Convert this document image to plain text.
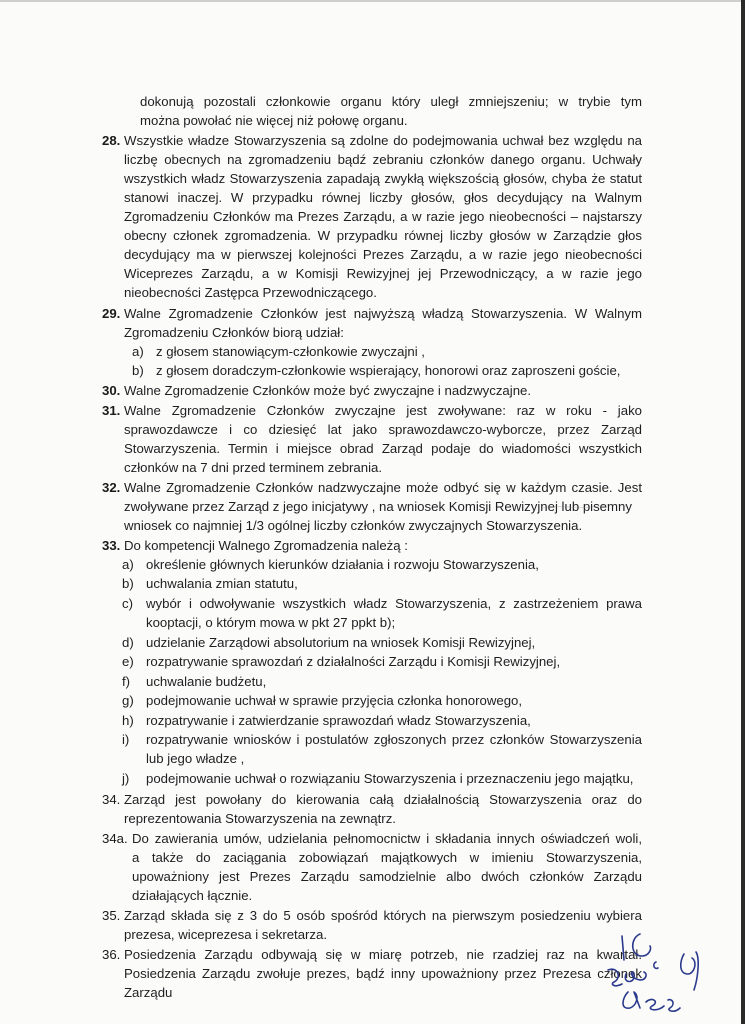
dokonują pozostali członkowie organu który uległ zmniejszeniu; w trybie tym
można powołać nie więcej niż połowę organu.
28. Wszystkie władze Stowarzyszenia są zdolne do podejmowania uchwał bez względu na
liczbę obecnych na zgromadzeniu bądź zebraniu członków danego organu. Uchwały
wszystkich władz Stowarzyszenia zapadają zwykłą większością głosów, chyba że statut
stanowi inaczej. W przypadku równej liczby głosów, głos decydujący na Walnym
Zgromadzeniu Członków ma Prezes Zarządu, a w razie jego nieobecności – najstarszy
obecny członek zgromadzenia. W przypadku równej liczby głosów w Zarządzie głos
decydujący ma w pierwszej kolejności Prezes Zarządu, a w razie jego nieobecności
Wiceprezes Zarządu, a w Komisji Rewizyjnej jej Przewodniczący, a w razie jego
nieobecności Zastępca Przewodniczącego.
29. Walne Zgromadzenie Członków jest najwyższą władzą Stowarzyszenia. W Walnym
Zgromadzeniu Członków biorą udział:
a) z głosem stanowiącym-członkowie zwyczajni ,
b) z głosem doradczym-członkowie wspierający, honorowi oraz zaproszeni goście,
30. Walne Zgromadzenie Członków może być zwyczajne i nadzwyczajne.
31. Walne Zgromadzenie Członków zwyczajne jest zwoływane: raz w roku - jako
sprawozdawcze i co dziesięć lat jako sprawozdawczo-wyborcze, przez Zarząd
Stowarzyszenia. Termin i miejsce obrad Zarząd podaje do wiadomości wszystkich
członków na 7 dni przed terminem zebrania.
32. Walne Zgromadzenie Członków nadzwyczajne może odbyć się w każdym czasie. Jest
zwoływane przez Zarząd z jego inicjatywy , na wniosek Komisji Rewizyjnej lub pisemny
wniosek co najmniej 1/3 ogólnej liczby członków zwyczajnych Stowarzyszenia.
33. Do kompetencji Walnego Zgromadzenia należą :
a) określenie głównych kierunków działania i rozwoju Stowarzyszenia,
b) uchwalania zmian statutu,
c) wybór i odwoływanie wszystkich władz Stowarzyszenia, z zastrzeżeniem prawa
kooptacji, o którym mowa w pkt 27 ppkt b);
d) udzielanie Zarządowi absolutorium na wniosek Komisji Rewizyjnej,
e) rozpatrywanie sprawozdań z działalności Zarządu i Komisji Rewizyjnej,
f) uchwalanie budżetu,
g) podejmowanie uchwał w sprawie przyjęcia członka honorowego,
h) rozpatrywanie i zatwierdzanie sprawozdań władz Stowarzyszenia,
i) rozpatrywanie wniosków i postulatów zgłoszonych przez członków Stowarzyszenia
lub jego władze ,
j) podejmowanie uchwał o rozwiązaniu Stowarzyszenia i przeznaczeniu jego majątku,
34. Zarząd jest powołany do kierowania całą działalnością Stowarzyszenia oraz do
reprezentowania Stowarzyszenia na zewnątrz.
34a. Do zawierania umów, udzielania pełnomocnictw i składania innych oświadczeń woli,
a także do zaciągania zobowiązań majątkowych w imieniu Stowarzyszenia,
upoważniony jest Prezes Zarządu samodzielnie albo dwóch członków Zarządu
działających łącznie.
35. Zarząd składa się z 3 do 5 osób spośród których na pierwszym posiedzeniu wybiera
prezesa, wiceprezesa i sekretarza.
36. Posiedzenia Zarządu odbywają się w miarę potrzeb, nie rzadziej raz na kwartał.
Posiedzenia Zarządu zwołuje prezes, bądź inny upoważniony przez Prezesa członek
Zarządu
